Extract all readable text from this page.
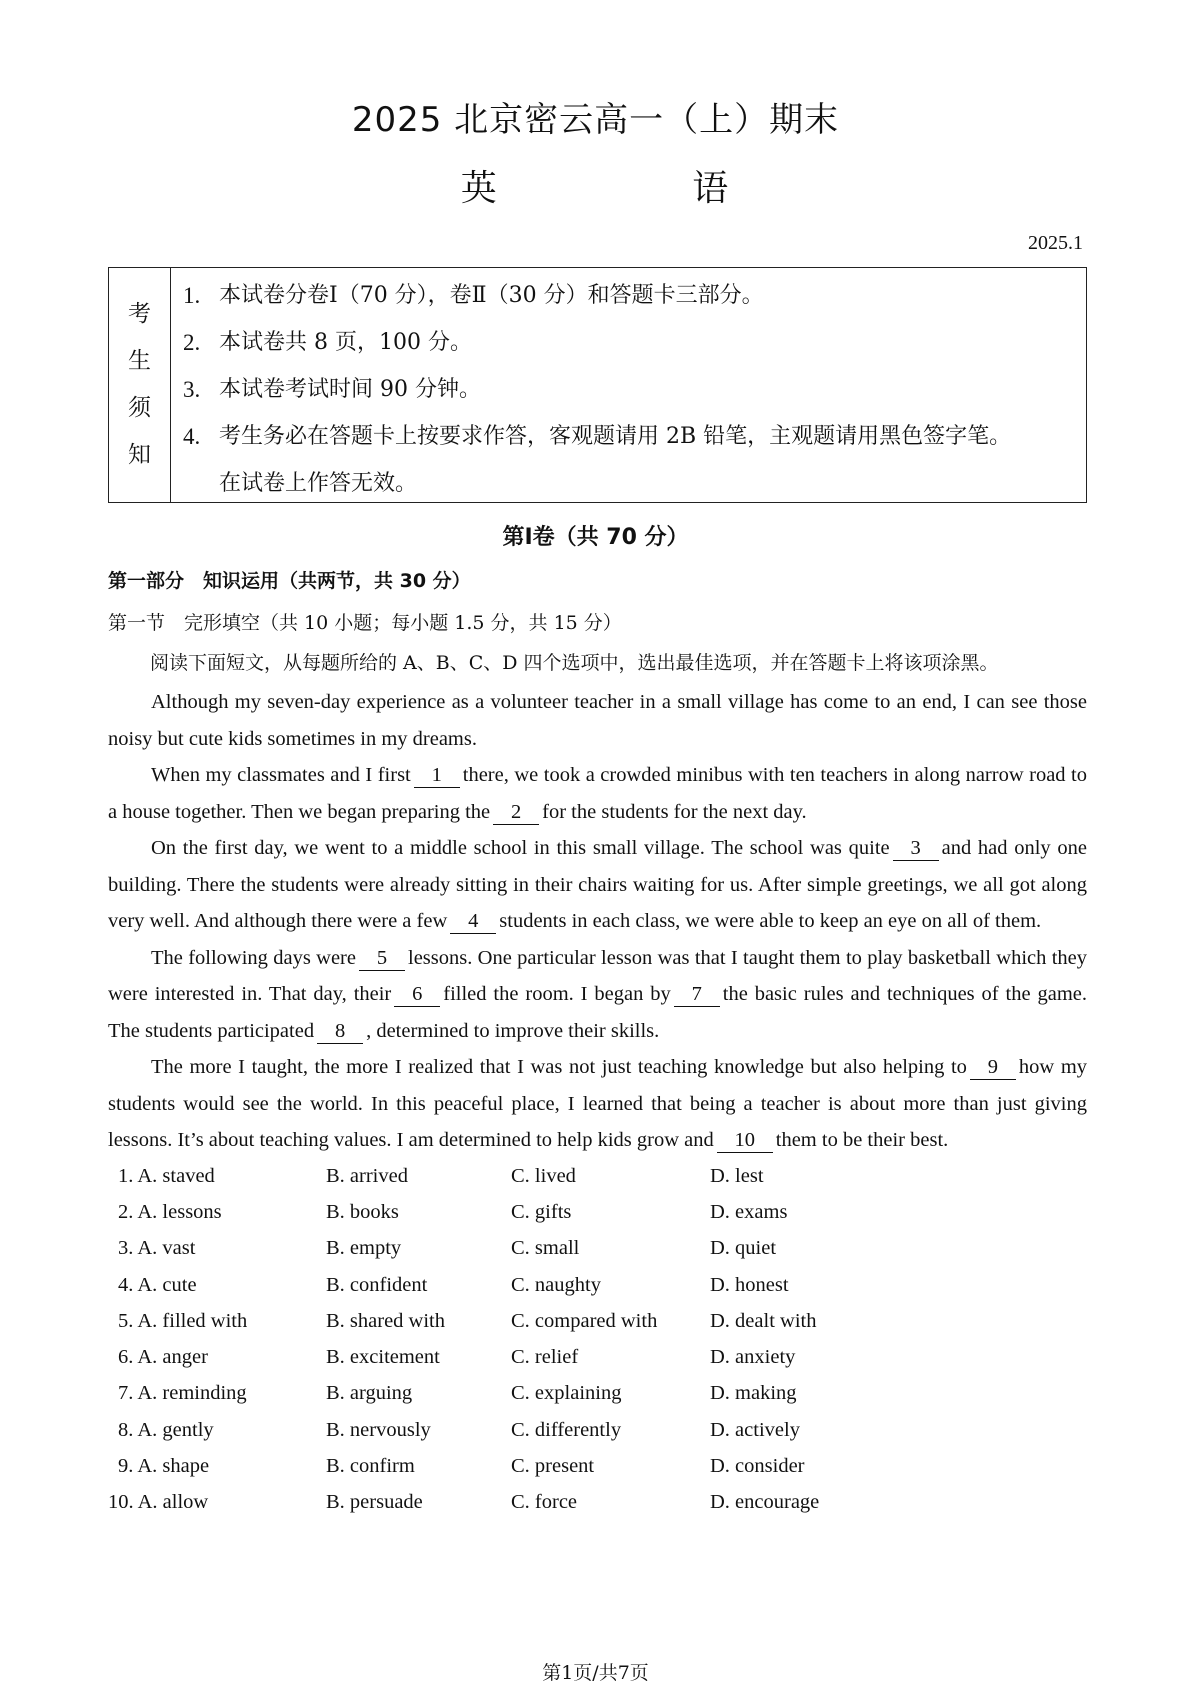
2025 北京密云高一（上）期末
英 语
2025.1
考
生
须
知
1. 本试卷分卷Ⅰ（70 分），卷Ⅱ（30 分）和答题卡三部分。
2. 本试卷共 8 页，100 分。
3. 本试卷考试时间 90 分钟。
4. 考生务必在答题卡上按要求作答，客观题请用 2B 铅笔，主观题请用黑色签字笔。
在试卷上作答无效。
第Ⅰ卷（共 70 分）
第一部分　知识运用（共两节，共 30 分）
第一节　完形填空（共 10 小题；每小题 1.5 分，共 15 分）
阅读下面短文，从每题所给的 A、B、C、D 四个选项中，选出最佳选项，并在答题卡上将该项涂黑。

Although my seven-day experience as a volunteer teacher in a small village has come to an end, I can see those noisy but cute kids sometimes in my dreams.

When my classmates and I first 1 there, we took a crowded minibus with ten teachers in along narrow road to a house together. Then we began preparing the 2 for the students for the next day.

On the first day, we went to a middle school in this small village. The school was quite 3 and had only one building. There the students were already sitting in their chairs waiting for us. After simple greetings, we all got along very well. And although there were a few 4 students in each class, we were able to keep an eye on all of them.

The following days were 5 lessons. One particular lesson was that I taught them to play basketball which they were interested in. That day, their 6 filled the room. I began by 7 the basic rules and techniques of the game. The students participated 8 , determined to improve their skills.

The more I taught, the more I realized that I was not just teaching knowledge but also helping to 9 how my students would see the world. In this peaceful place, I learned that being a teacher is about more than just giving lessons. It’s about teaching values. I am determined to help kids grow and 10 them to be their best.

1. A. staved	B. arrived	C. lived	D. lest
2. A. lessons	B. books	C. gifts	D. exams
3. A. vast	B. empty	C. small	D. quiet
4. A. cute	B. confident	C. naughty	D. honest
5. A. filled with	B. shared with	C. compared with	D. dealt with
6. A. anger	B. excitement	C. relief	D. anxiety
7. A. reminding	B. arguing	C. explaining	D. making
8. A. gently	B. nervously	C. differently	D. actively
9. A. shape	B. confirm	C. present	D. consider
10. A. allow	B. persuade	C. force	D. encourage
第1页/共7页
